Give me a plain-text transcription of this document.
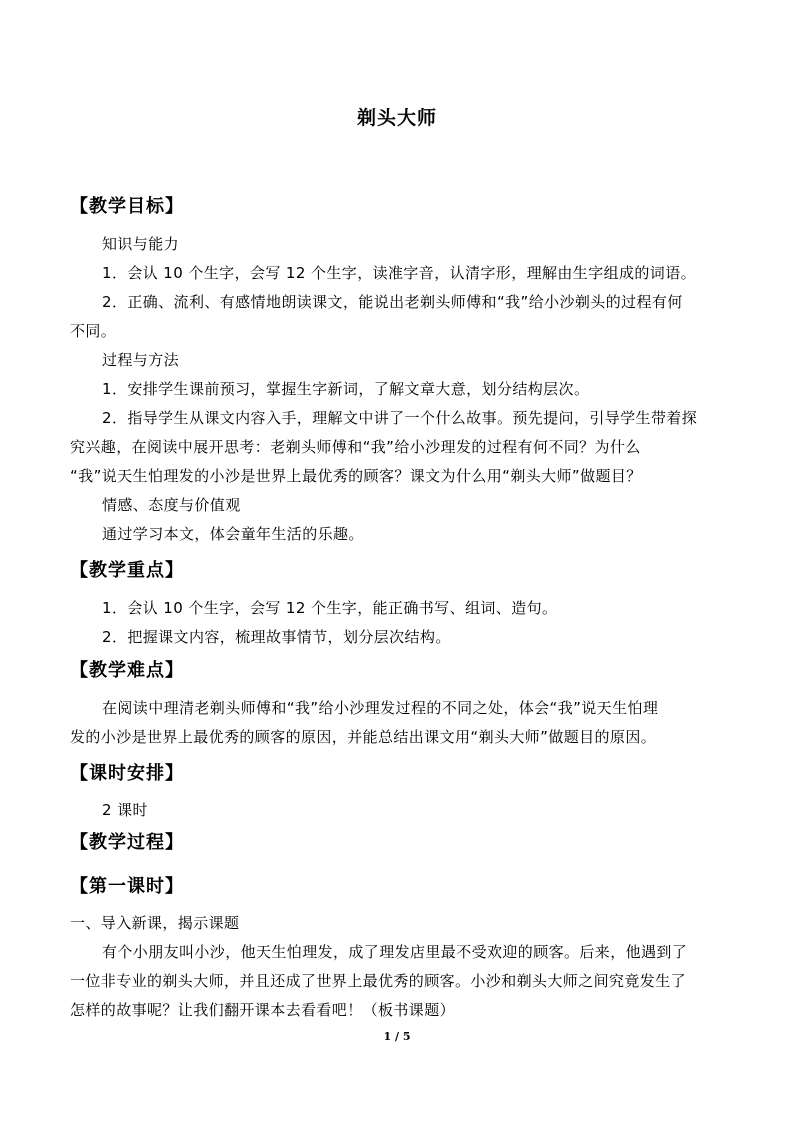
剃头大师
【教学目标】
知识与能力
1．会认 10 个生字，会写 12 个生字，读准字音，认清字形，理解由生字组成的词语。
2．正确、流利、有感情地朗读课文，能说出老剃头师傅和“我”给小沙剃头的过程有何
不同。
过程与方法
1．安排学生课前预习，掌握生字新词，了解文章大意，划分结构层次。
2．指导学生从课文内容入手，理解文中讲了一个什么故事。预先提问，引导学生带着探
究兴趣，在阅读中展开思考：老剃头师傅和“我”给小沙理发的过程有何不同？为什么
“我”说天生怕理发的小沙是世界上最优秀的顾客？课文为什么用“剃头大师”做题目？
情感、态度与价值观
通过学习本文，体会童年生活的乐趣。
【教学重点】
1．会认 10 个生字，会写 12 个生字，能正确书写、组词、造句。
2．把握课文内容，梳理故事情节，划分层次结构。
【教学难点】
在阅读中理清老剃头师傅和“我”给小沙理发过程的不同之处，体会“我”说天生怕理
发的小沙是世界上最优秀的顾客的原因，并能总结出课文用“剃头大师”做题目的原因。
【课时安排】
2 课时
【教学过程】
【第一课时】
一、导入新课，揭示课题
有个小朋友叫小沙，他天生怕理发，成了理发店里最不受欢迎的顾客。后来，他遇到了
一位非专业的剃头大师，并且还成了世界上最优秀的顾客。小沙和剃头大师之间究竟发生了
怎样的故事呢？让我们翻开课本去看看吧！（板书课题）
1 / 5
